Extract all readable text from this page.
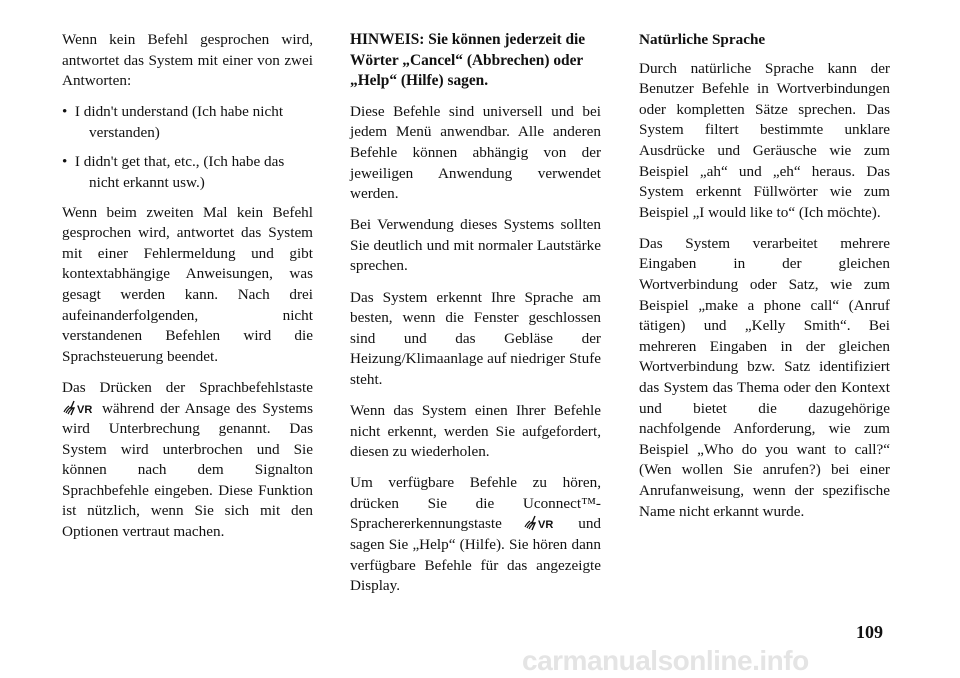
Wenn kein Befehl gesprochen wird, antwortet das System mit einer von zwei Antworten:

•  I didn't understand (Ich habe nicht
verstanden)

•  I didn't get that, etc., (Ich habe das
nicht erkannt usw.)

Wenn beim zweiten Mal kein Befehl gesprochen wird, antwortet das System mit einer Fehlermeldung und gibt kontextabhängige Anweisungen, was gesagt werden kann. Nach drei aufeinanderfolgenden, nicht verstandenen Befehlen wird die Sprachsteuerung beendet.

Das Drücken der Sprachbefehlstaste
VR während der Ansage des Systems wird Unterbrechung genannt. Das System wird unterbrochen und Sie können nach dem Signalton Sprachbefehle eingeben. Diese Funktion ist nützlich, wenn Sie sich mit den Optionen vertraut machen.

HINWEIS: Sie können jederzeit die Wörter „Cancel“ (Abbrechen) oder „Help“ (Hilfe) sagen.

Diese Befehle sind universell und bei jedem Menü anwendbar. Alle anderen Befehle können abhängig von der jeweiligen Anwendung verwendet werden.

Bei Verwendung dieses Systems sollten Sie deutlich und mit normaler Lautstärke sprechen.

Das System erkennt Ihre Sprache am besten, wenn die Fenster geschlossen sind und das Gebläse der Heizung/Klimaanlage auf niedriger Stufe steht.

Wenn das System einen Ihrer Befehle nicht erkennt, werden Sie aufgefordert, diesen zu wiederholen.

Um verfügbare Befehle zu hören, drücken Sie die Uconnect™-Sprachererkennungstaste	VR und sagen Sie „Help“ (Hilfe). Sie hören dann verfügbare Befehle für das angezeigte Display.

Natürliche Sprache

Durch natürliche Sprache kann der Benutzer Befehle in Wortverbindungen oder kompletten Sätze sprechen. Das System filtert bestimmte unklare Ausdrücke und Geräusche wie zum Beispiel „ah“ und „eh“ heraus. Das System erkennt Füllwörter wie zum Beispiel „I would like to“ (Ich möchte).

Das System verarbeitet mehrere Eingaben in der gleichen Wortverbindung oder Satz, wie zum Beispiel „make a phone call“ (Anruf tätigen) und „Kelly Smith“. Bei mehreren Eingaben in der gleichen Wortverbindung bzw. Satz identifiziert das System das Thema oder den Kontext und bietet die dazugehörige nachfolgende Anforderung, wie zum Beispiel „Who do you want to call?“ (Wen wollen Sie anrufen?) bei einer Anrufanweisung, wenn der spezifische Name nicht erkannt wurde.

109
carmanualsonline.info
